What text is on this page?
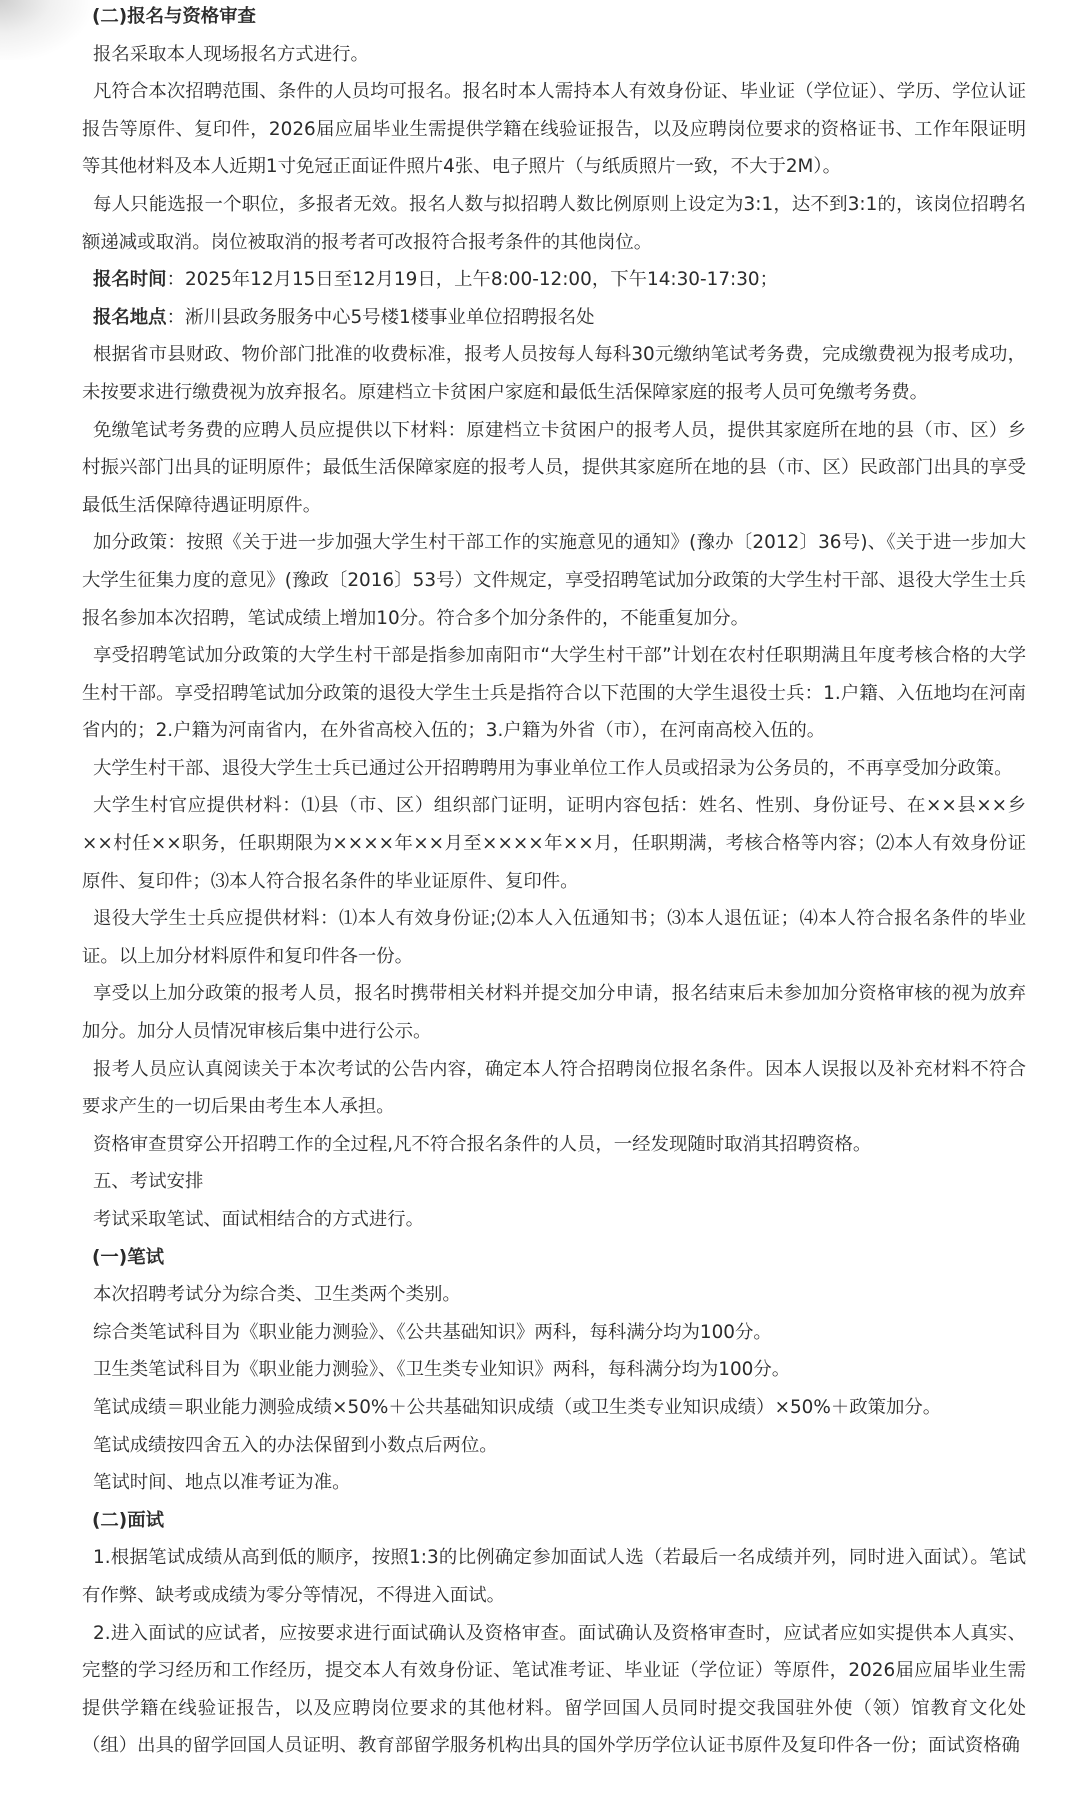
(二)报名与资格审查

报名采取本人现场报名方式进行。

凡符合本次招聘范围、条件的人员均可报名。报名时本人需持本人有效身份证、毕业证（学位证）、学历、学位认证报告等原件、复印件，2026届应届毕业生需提供学籍在线验证报告，以及应聘岗位要求的资格证书、工作年限证明等其他材料及本人近期1寸免冠正面证件照片4张、电子照片（与纸质照片一致，不大于2M）。

每人只能选报一个职位，多报者无效。报名人数与拟招聘人数比例原则上设定为3:1，达不到3:1的，该岗位招聘名额递减或取消。岗位被取消的报考者可改报符合报考条件的其他岗位。

报名时间：2025年12月15日至12月19日，上午8:00-12:00，下午14:30-17:30；

报名地点：淅川县政务服务中心5号楼1楼事业单位招聘报名处

根据省市县财政、物价部门批准的收费标准，报考人员按每人每科30元缴纳笔试考务费，完成缴费视为报考成功，未按要求进行缴费视为放弃报名。原建档立卡贫困户家庭和最低生活保障家庭的报考人员可免缴考务费。

免缴笔试考务费的应聘人员应提供以下材料：原建档立卡贫困户的报考人员，提供其家庭所在地的县（市、区）乡村振兴部门出具的证明原件；最低生活保障家庭的报考人员，提供其家庭所在地的县（市、区）民政部门出具的享受最低生活保障待遇证明原件。

加分政策：按照《关于进一步加强大学生村干部工作的实施意见的通知》(豫办〔2012〕36号)、《关于进一步加大大学生征集力度的意见》(豫政〔2016〕53号）文件规定，享受招聘笔试加分政策的大学生村干部、退役大学生士兵报名参加本次招聘，笔试成绩上增加10分。符合多个加分条件的，不能重复加分。

享受招聘笔试加分政策的大学生村干部是指参加南阳市“大学生村干部”计划在农村任职期满且年度考核合格的大学生村干部。享受招聘笔试加分政策的退役大学生士兵是指符合以下范围的大学生退役士兵：1.户籍、入伍地均在河南省内的；2.户籍为河南省内，在外省高校入伍的；3.户籍为外省（市），在河南高校入伍的。

大学生村干部、退役大学生士兵已通过公开招聘聘用为事业单位工作人员或招录为公务员的，不再享受加分政策。

大学生村官应提供材料：⑴县（市、区）组织部门证明，证明内容包括：姓名、性别、身份证号、在××县××乡××村任××职务，任职期限为××××年××月至××××年××月，任职期满，考核合格等内容；⑵本人有效身份证原件、复印件；⑶本人符合报名条件的毕业证原件、复印件。

退役大学生士兵应提供材料：⑴本人有效身份证;⑵本人入伍通知书；⑶本人退伍证；⑷本人符合报名条件的毕业证。以上加分材料原件和复印件各一份。

享受以上加分政策的报考人员，报名时携带相关材料并提交加分申请，报名结束后未参加加分资格审核的视为放弃加分。加分人员情况审核后集中进行公示。

报考人员应认真阅读关于本次考试的公告内容，确定本人符合招聘岗位报名条件。因本人误报以及补充材料不符合要求产生的一切后果由考生本人承担。

资格审查贯穿公开招聘工作的全过程,凡不符合报名条件的人员，一经发现随时取消其招聘资格。

五、考试安排

考试采取笔试、面试相结合的方式进行。

(一)笔试

本次招聘考试分为综合类、卫生类两个类别。

综合类笔试科目为《职业能力测验》、《公共基础知识》两科，每科满分均为100分。

卫生类笔试科目为《职业能力测验》、《卫生类专业知识》两科，每科满分均为100分。

笔试成绩＝职业能力测验成绩×50%＋公共基础知识成绩（或卫生类专业知识成绩）×50%＋政策加分。

笔试成绩按四舍五入的办法保留到小数点后两位。

笔试时间、地点以准考证为准。

(二)面试

1.根据笔试成绩从高到低的顺序，按照1:3的比例确定参加面试人选（若最后一名成绩并列，同时进入面试）。笔试有作弊、缺考或成绩为零分等情况，不得进入面试。

2.进入面试的应试者，应按要求进行面试确认及资格审查。面试确认及资格审查时，应试者应如实提供本人真实、完整的学习经历和工作经历，提交本人有效身份证、笔试准考证、毕业证（学位证）等原件，2026届应届毕业生需提供学籍在线验证报告，以及应聘岗位要求的其他材料。留学回国人员同时提交我国驻外使（领）馆教育文化处（组）出具的留学回国人员证明、教育部留学服务机构出具的国外学历学位认证书原件及复印件各一份；面试资格确
